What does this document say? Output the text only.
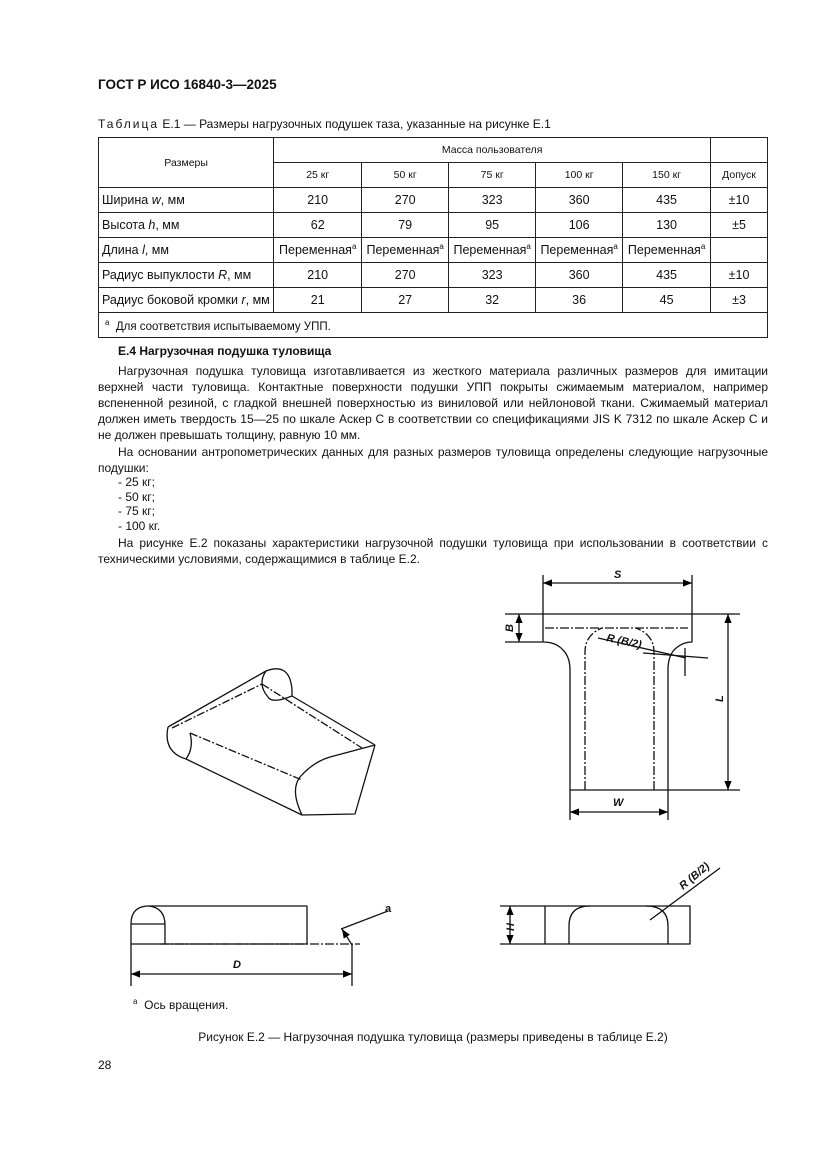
ГОСТ Р ИСО 16840-3—2025
Таблица Е.1 — Размеры нагрузочных подушек таза, указанные на рисунке Е.1
Размеры	Масса пользователя					
	25 кг	50 кг	75 кг	100 кг	150 кг	Допуск
Ширина w, мм	210	270	323	360	435	±10
Высота h, мм	62	79	95	106	130	±5
Длина l, мм	Переменная$^a$	Переменная$^a$	Переменная$^a$	Переменная$^a$	Переменная$^a$	
Радиус выпуклости R, мм	210	270	323	360	435	±10
Радиус боковой кромки r, мм	21	27	32	36	45	±3
$^а$ Для соответствия испытываемому УПП.						
Е.4 Нагрузочная подушка туловища
Нагрузочная подушка туловища изготавливается из жесткого материала различных размеров для имитации верхней части туловища. Контактные поверхности подушки УПП покрыты сжимаемым материалом, например вспененной резиной, с гладкой внешней поверхностью из виниловой или нейлоновой ткани. Сжимаемый материал должен иметь твердость 15—25 по шкале Аскер С в соответствии со спецификациями JIS K 7312 по шкале Аскер С и не должен превышать толщину, равную 10 мм.
На основании антропометрических данных для разных размеров туловища определены следующие нагрузочные подушки:
- 25 кг;
- 50 кг;
- 75 кг;
- 100 кг.
На рисунке Е.2 показаны характеристики нагрузочной подушки туловища при использовании в соответствии с техническими условиями, содержащимися в таблице Е.2.
S
B
R (B/2)
L
W
R (B/2)
H
D
a
$^а$ Ось вращения.
Рисунок Е.2 — Нагрузочная подушка туловища (размеры приведены в таблице Е.2)
28
